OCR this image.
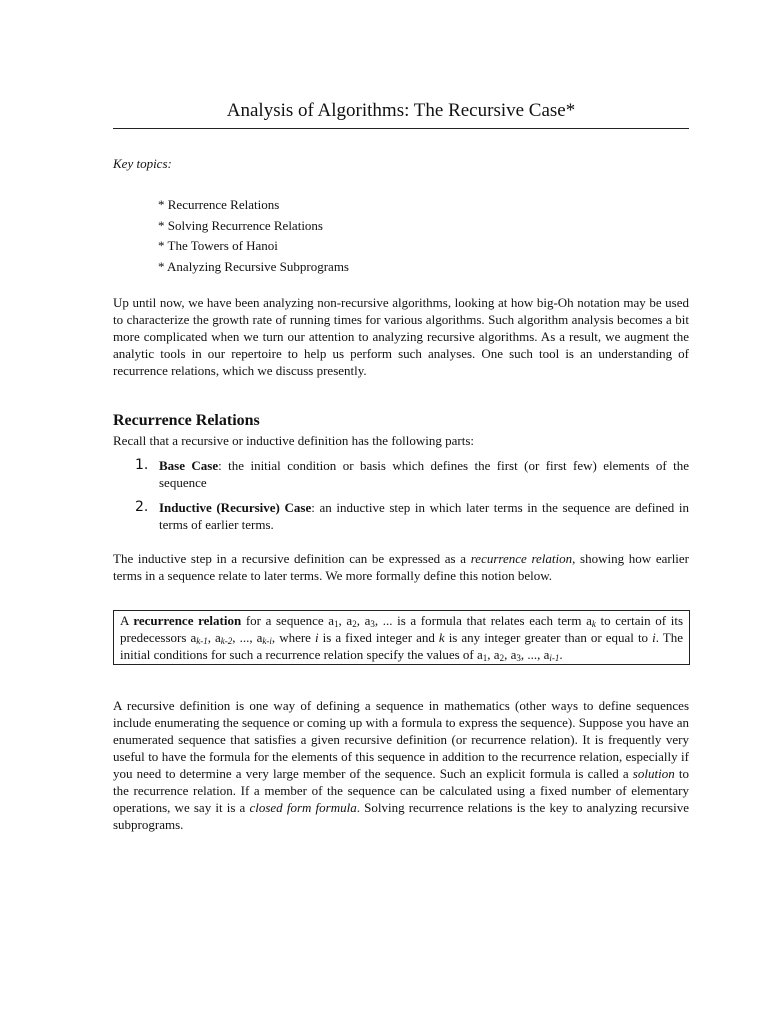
Analysis of Algorithms: The Recursive Case*

Key topics:

* Recurrence Relations
* Solving Recurrence Relations
* The Towers of Hanoi
* Analyzing Recursive Subprograms

Up until now, we have been analyzing non-recursive algorithms, looking at how big-Oh notation may be used to characterize the growth rate of running times for various algorithms. Such algorithm analysis becomes a bit more complicated when we turn our attention to analyzing recursive algorithms. As a result, we augment the analytic tools in our repertoire to help us perform such analyses. One such tool is an understanding of recurrence relations, which we discuss presently.

Recurrence Relations

Recall that a recursive or inductive definition has the following parts:

1. Base Case: the initial condition or basis which defines the first (or first few) elements of the sequence
2. Inductive (Recursive) Case: an inductive step in which later terms in the sequence are defined in terms of earlier terms.

The inductive step in a recursive definition can be expressed as a recurrence relation, showing how earlier terms in a sequence relate to later terms. We more formally define this notion below.

A recurrence relation for a sequence $a_1$, $a_2$, $a_3$, ... is a formula that relates each term $a_k$ to certain of its predecessors $a_{k-1}$, $a_{k-2}$, ..., $a_{k-i}$, where i is a fixed integer and k is any integer greater than or equal to i. The initial conditions for such a recurrence relation specify the values of $a_1$, $a_2$, $a_3$, ..., $a_{i-1}$.

A recursive definition is one way of defining a sequence in mathematics (other ways to define sequences include enumerating the sequence or coming up with a formula to express the sequence). Suppose you have an enumerated sequence that satisfies a given recursive definition (or recurrence relation). It is frequently very useful to have the formula for the elements of this sequence in addition to the recurrence relation, especially if you need to determine a very large member of the sequence. Such an explicit formula is called a solution to the recurrence relation. If a member of the sequence can be calculated using a fixed number of elementary operations, we say it is a closed form formula. Solving recurrence relations is the key to analyzing recursive subprograms.
